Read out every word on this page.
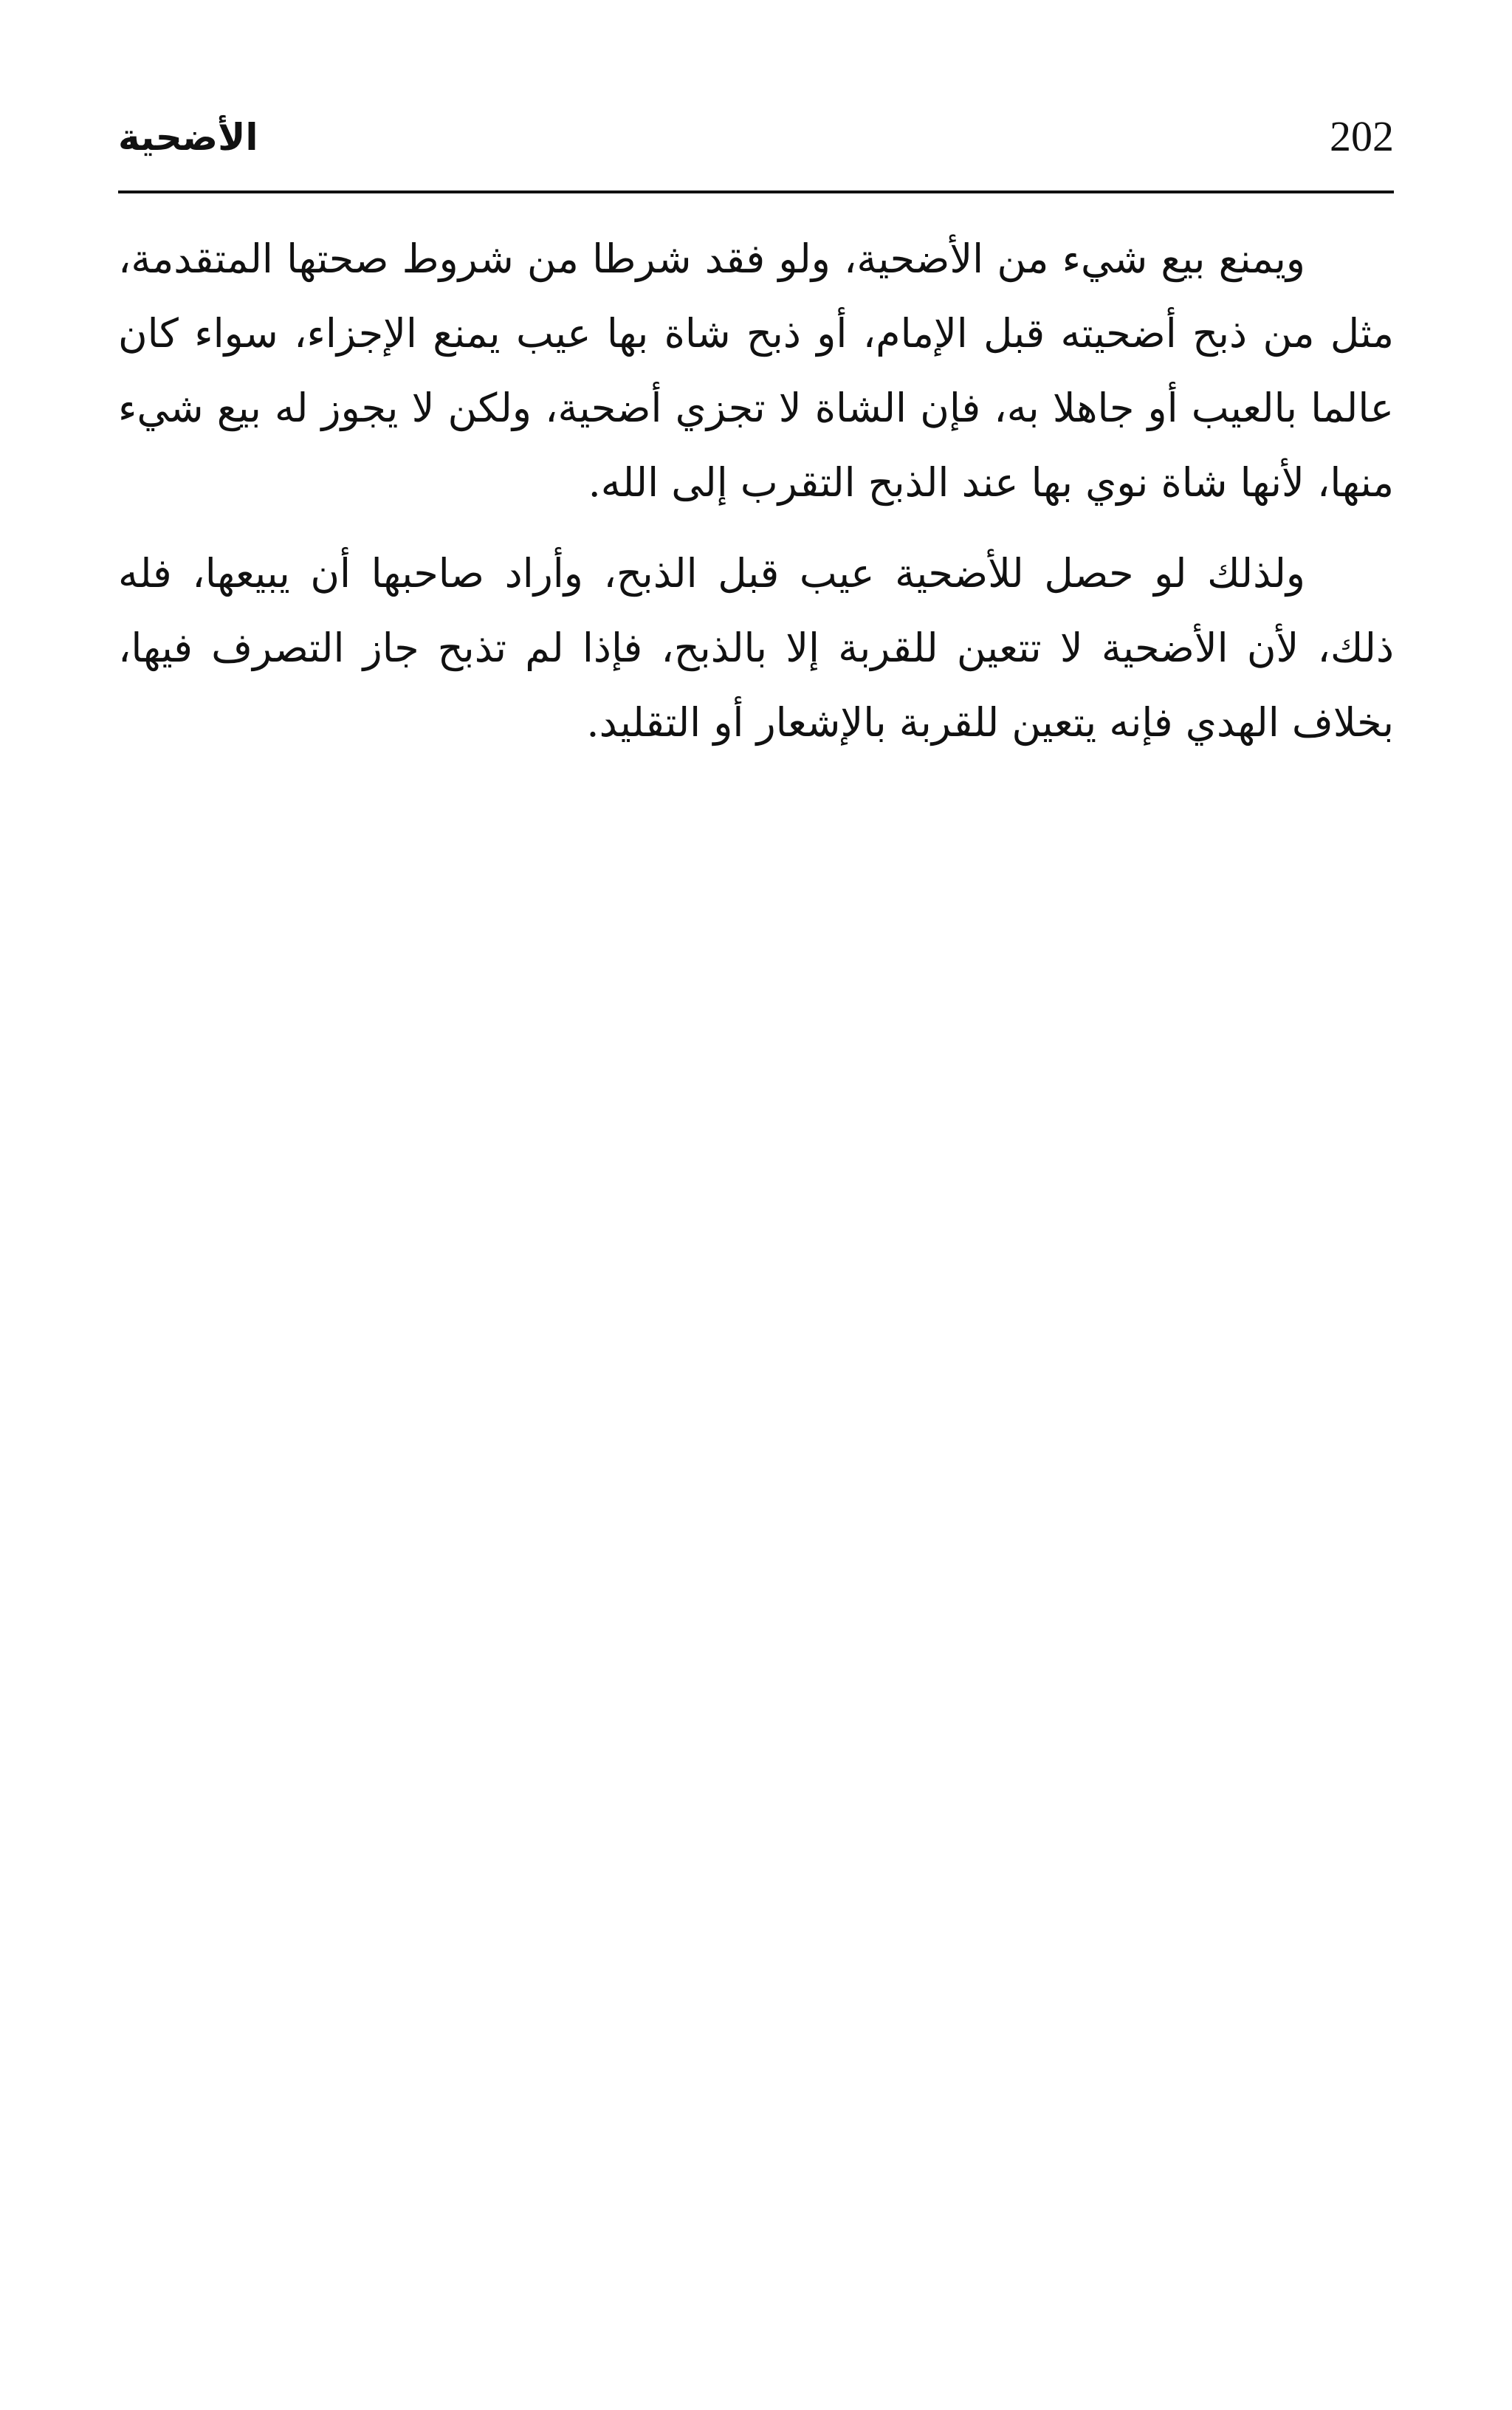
202
الأضحية

ويمنع بيع شيء من الأضحية، ولو فقد شرطا من شروط صحتها المتقدمة، مثل من ذبح أضحيته قبل الإمام، أو ذبح شاة بها عيب يمنع الإجزاء، سواء كان عالما بالعيب أو جاهلا به، فإن الشاة لا تجزي أضحية، ولكن لا يجوز له بيع شيء منها، لأنها شاة نوي بها عند الذبح التقرب إلى الله.

ولذلك لو حصل للأضحية عيب قبل الذبح، وأراد صاحبها أن يبيعها، فله ذلك، لأن الأضحية لا تتعين للقربة إلا بالذبح، فإذا لم تذبح جاز التصرف فيها، بخلاف الهدي فإنه يتعين للقربة بالإشعار أو التقليد.
